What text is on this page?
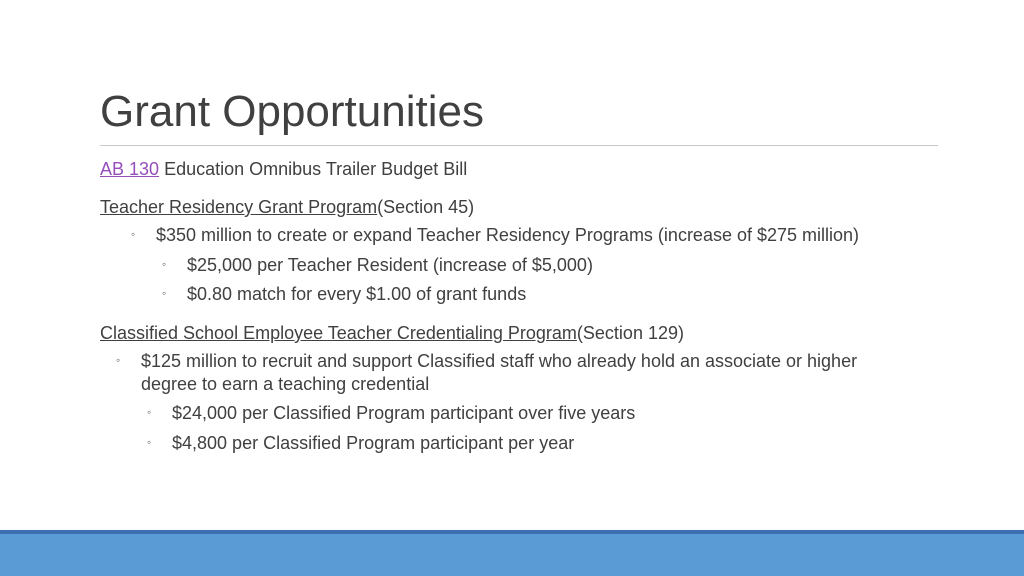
Grant Opportunities
AB 130 Education Omnibus Trailer Budget Bill
Teacher Residency Grant Program(Section 45)
◦ $350 million to create or expand Teacher Residency Programs (increase of $275 million)
◦ $25,000 per Teacher Resident (increase of $5,000)
◦ $0.80 match for every $1.00 of grant funds
Classified School Employee Teacher Credentialing Program(Section 129)
◦ $125 million to recruit and support Classified staff who already hold an associate or higher
degree to earn a teaching credential
◦ $24,000 per Classified Program participant over five years
◦ $4,800 per Classified Program participant per year
